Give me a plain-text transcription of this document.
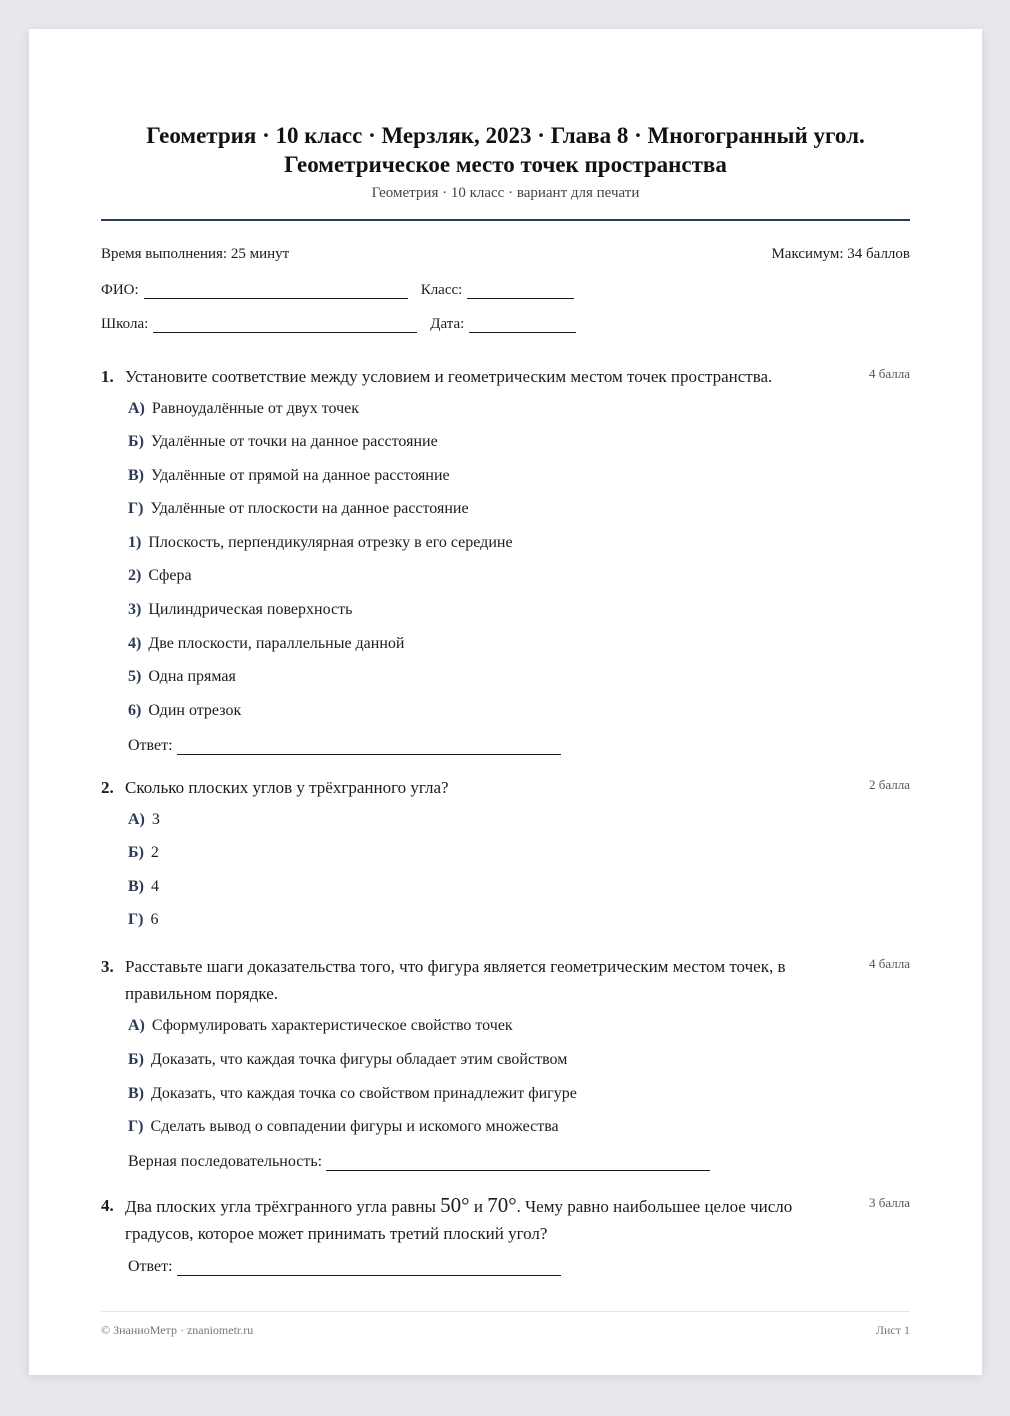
Геометрия · 10 класс · Мерзляк, 2023 · Глава 8 · Многогранный угол.
Геометрическое место точек пространства
Геометрия · 10 класс · вариант для печати
Время выполнения: 25 минут	Максимум: 34 баллов
ФИО:	Класс:
Школа:	Дата:
1. Установите соответствие между условием и геометрическим местом точек пространства.	4 балла
А) Равноудалённые от двух точек
Б) Удалённые от точки на данное расстояние
В) Удалённые от прямой на данное расстояние
Г) Удалённые от плоскости на данное расстояние
1) Плоскость, перпендикулярная отрезку в его середине
2) Сфера
3) Цилиндрическая поверхность
4) Две плоскости, параллельные данной
5) Одна прямая
6) Один отрезок
Ответ:
2. Сколько плоских углов у трёхгранного угла?	2 балла
А) 3
Б) 2
В) 4
Г) 6
3. Расставьте шаги доказательства того, что фигура является геометрическим местом точек, в правильном порядке.
4 балла
А) Сформулировать характеристическое свойство точек
Б) Доказать, что каждая точка фигуры обладает этим свойством
В) Доказать, что каждая точка со свойством принадлежит фигуре
Г) Сделать вывод о совпадении фигуры и искомого множества
Верная последовательность:
4. Два плоских угла трёхгранного угла равны 50° и 70°. Чему равно наибольшее целое число градусов, которое может принимать третий плоский угол?
3 балла
Ответ:
© ЗнаниоМетр · znaniometr.ru	Лист 1
